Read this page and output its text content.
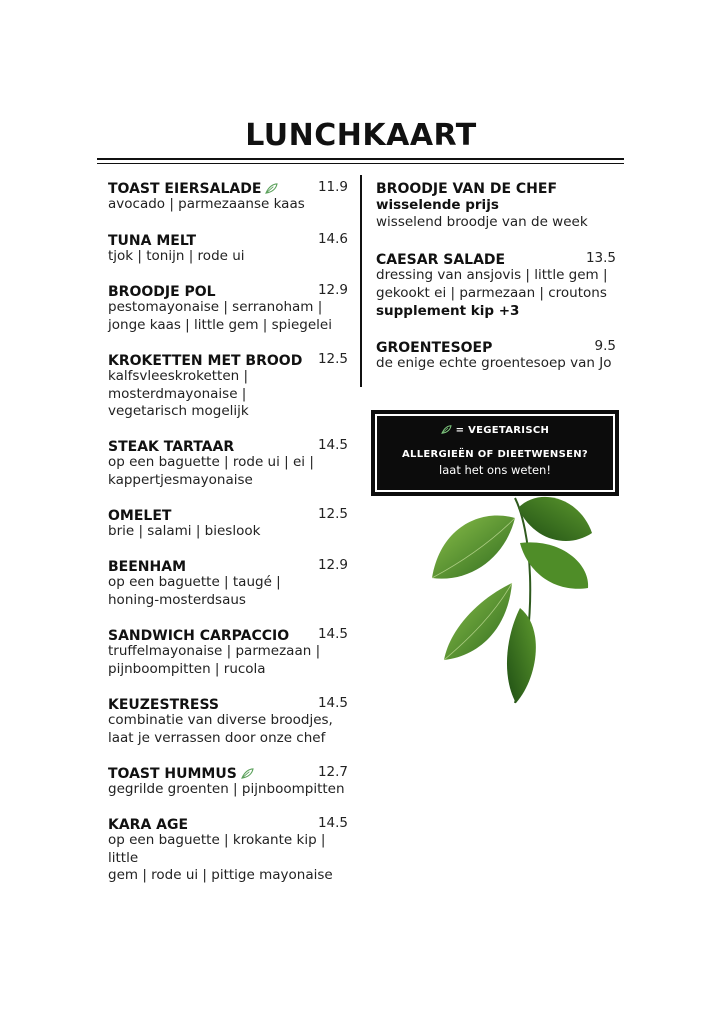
LUNCHKAART
TOAST EIERSALADE	11.9
avocado | parmezaanse kaas
TUNA MELT	14.6
tjok | tonijn | rode ui
BROODJE POL	12.9
pestomayonaise | serranoham |
jonge kaas | little gem | spiegelei
KROKETTEN MET BROOD 12.5
kalfsvleeskroketten |
mosterdmayonaise |
vegetarisch mogelijk
STEAK TARTAAR	14.5
op een baguette | rode ui | ei |
kappertjesmayonaise
OMELET	12.5
brie | salami | bieslook
BEENHAM	12.9
op een baguette | taugé |
honing-mosterdsaus
SANDWICH CARPACCIO 14.5
truffelmayonaise | parmezaan |
pijnboompitten | rucola
KEUZESTRESS	14.5
combinatie van diverse broodjes,
laat je verrassen door onze chef
TOAST HUMMUS	12.7
gegrilde groenten | pijnboompitten
KARA AGE	14.5
op een baguette | krokante kip | little
gem | rode ui | pittige mayonaise
BROODJE VAN DE CHEF
wisselende prijs
wisselend broodje van de week
CAESAR SALADE	13.5
dressing van ansjovis | little gem |
gekookt ei | parmezaan | croutons
supplement kip +3
GROENTESOEP	9.5
de enige echte groentesoep van Jo
= VEGETARISCH
ALLERGIEËN OF DIEETWENSEN?
laat het ons weten!
